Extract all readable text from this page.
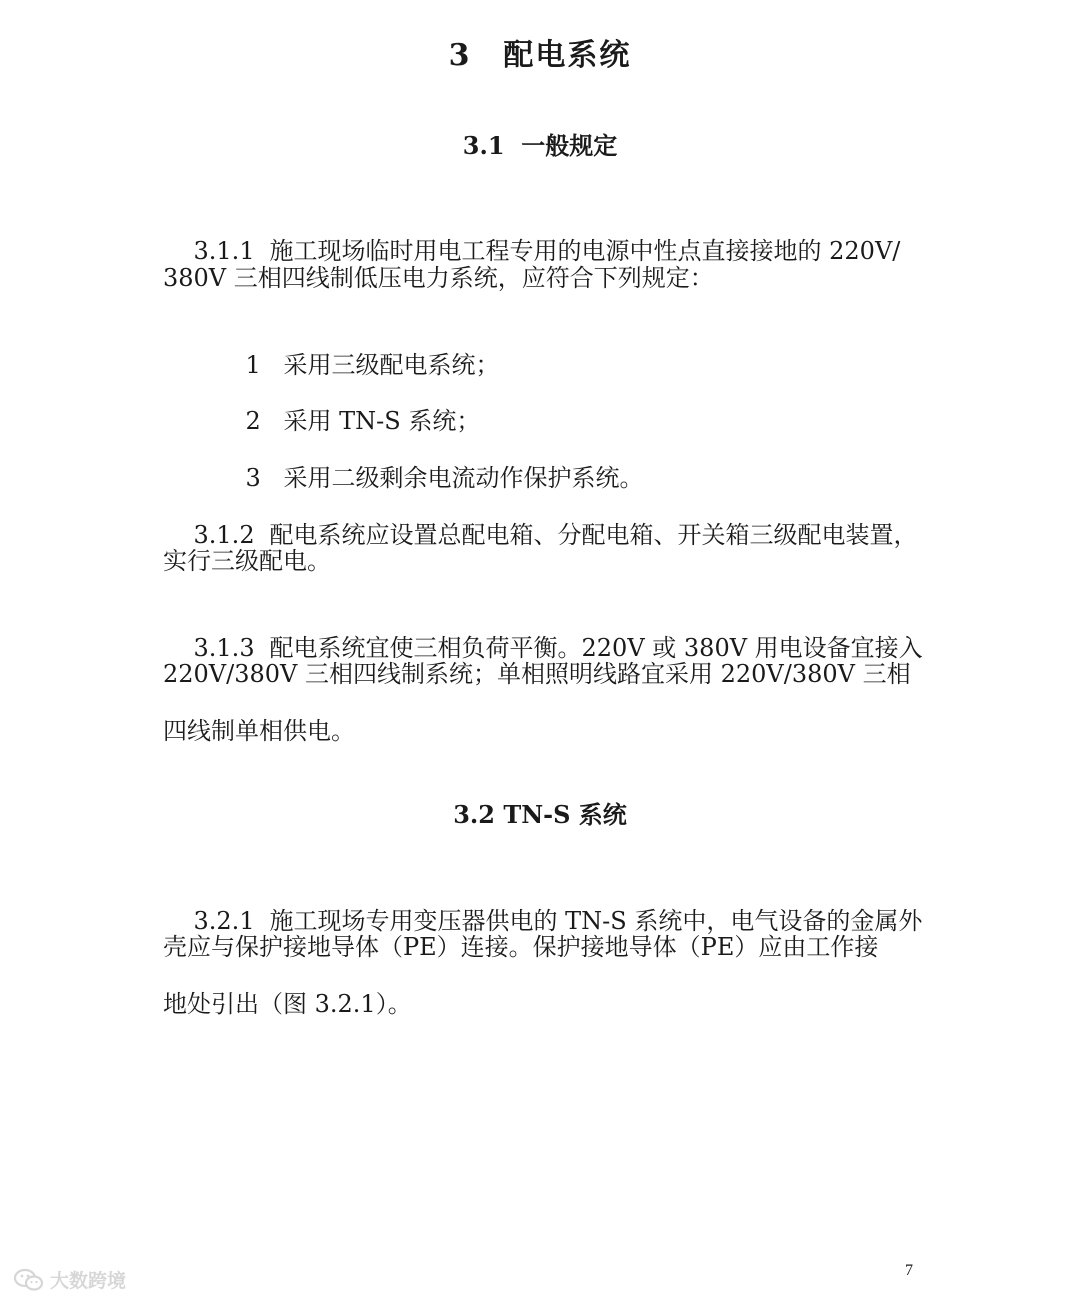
3　配电系统
3.1  一般规定

3.1.1 施工现场临时用电工程专用的电源中性点直接接地的 220V/

380V 三相四线制低压电力系统，应符合下列规定：

1 采用三级配电系统；

2 采用 TN-S 系统；

3 采用二级剩余电流动作保护系统。

3.1.2 配电系统应设置总配电箱、分配电箱、开关箱三级配电装置，

实行三级配电。

3.1.3 配电系统宜使三相负荷平衡。220V 或 380V 用电设备宜接入

220V/380V 三相四线制系统；单相照明线路宜采用 220V/380V 三相
四线制单相供电。
3.2 TN-S 系统

3.2.1 施工现场专用变压器供电的 TN-S 系统中，电气设备的金属外

壳应与保护接地导体（PE）连接。保护接地导体（PE）应由工作接
地处引出（图 3.2.1）。
7
大数跨境
